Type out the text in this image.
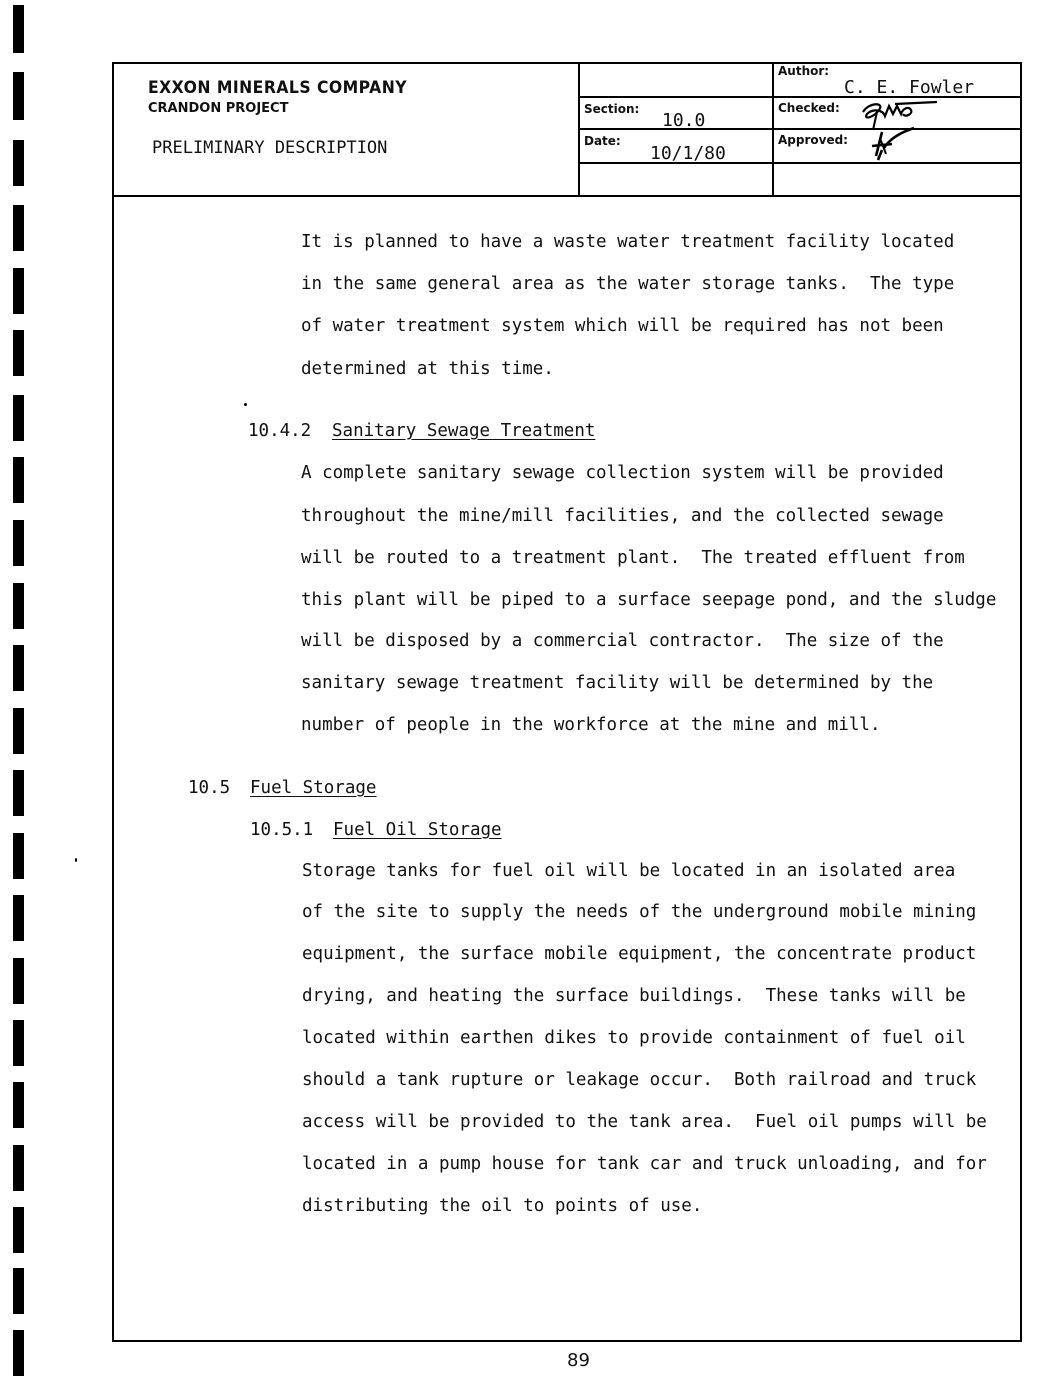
EXXON MINERALS COMPANY
CRANDON PROJECT
PRELIMINARY DESCRIPTION
Section:
10.0
Date:
10/1/80
Author:
C. E. Fowler
Checked:
Approved:
It is planned to have a waste water treatment facility located
in the same general area as the water storage tanks.  The type
of water treatment system which will be required has not been
determined at this time.
10.4.2 Sanitary Sewage Treatment
A complete sanitary sewage collection system will be provided
throughout the mine/mill facilities, and the collected sewage
will be routed to a treatment plant.  The treated effluent from
this plant will be piped to a surface seepage pond, and the sludge
will be disposed by a commercial contractor.  The size of the
sanitary sewage treatment facility will be determined by the
number of people in the workforce at the mine and mill.
10.5 Fuel Storage
10.5.1 Fuel Oil Storage
Storage tanks for fuel oil will be located in an isolated area
of the site to supply the needs of the underground mobile mining
equipment, the surface mobile equipment, the concentrate product
drying, and heating the surface buildings.  These tanks will be
located within earthen dikes to provide containment of fuel oil
should a tank rupture or leakage occur.  Both railroad and truck
access will be provided to the tank area.  Fuel oil pumps will be
located in a pump house for tank car and truck unloading, and for
distributing the oil to points of use.
89
